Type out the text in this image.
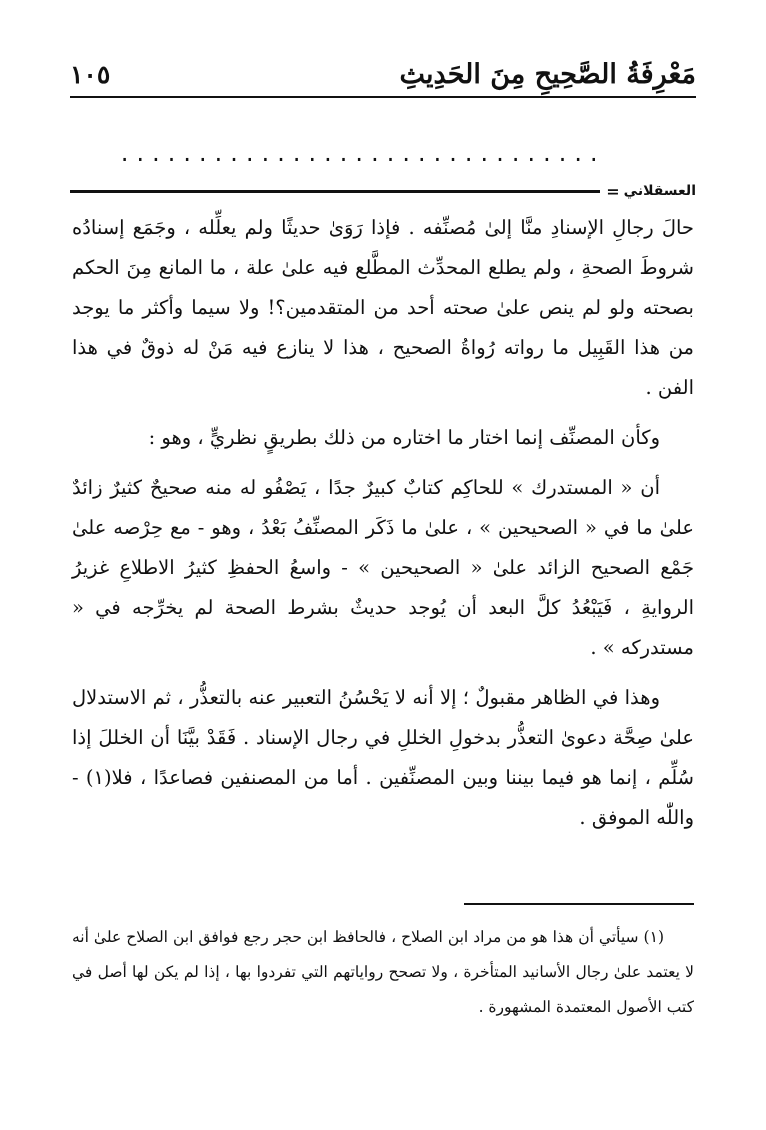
مَعْرِفَةُ الصَّحِيحِ مِنَ الحَدِيثِ
١٠٥
...............................
العسقلاني
=

حالَ رجالِ الإسنادِ منَّا إلىٰ مُصنِّفه . فإذا رَوَىٰ حديثًا ولم يعلِّله ، وجَمَع إسنادُه شروطَ الصحةِ ، ولم يطلع المحدِّث المطَّلع فيه علىٰ علة ، ما المانع مِنَ الحكم بصحته ولو لم ينص علىٰ صحته أحد من المتقدمين؟! ولا سيما وأكثر ما يوجد من هذا القَبِيل ما رواته رُواةُ الصحيح ، هذا لا ينازع فيه مَنْ له ذوقٌ في هذا الفن .

وكأن المصنِّف إنما اختار ما اختاره من ذلك بطريقٍ نظريٍّ ، وهو :

أن « المستدرك » للحاكِم كتابٌ كبيرٌ جدًا ، يَصْفُو له منه صحيحٌ كثيرٌ زائدٌ علىٰ ما في « الصحيحين » ، علىٰ ما ذَكَر المصنِّفُ بَعْدُ ، وهو - مع حِرْصه علىٰ جَمْع الصحيح الزائد علىٰ « الصحيحين » - واسعُ الحفظِ كثيرُ الاطلاعِ غزيرُ الروايةِ ، فَيَبْعُدُ كلَّ البعد أن يُوجد حديثٌ بشرط الصحة لم يخرِّجه في « مستدركه » .

وهذا في الظاهر مقبولٌ ؛ إلا أنه لا يَحْسُنُ التعبير عنه بالتعذُّر ، ثم الاستدلال علىٰ صِحَّة دعوىٰ التعذُّر بدخولِ الخللِ في رجال الإسناد . فَقَدْ بيَّنَا أن الخللَ إذا سُلِّم ، إنما هو فيما بيننا وبين المصنِّفين . أما من المصنفين فصاعدًا ، فلا(١) - واللّٰه الموفق .

(١) سيأتي أن هذا هو من مراد ابن الصلاح ، فالحافظ ابن حجر رجع فوافق ابن الصلاح علىٰ أنه لا يعتمد علىٰ رجال الأسانيد المتأخرة ، ولا تصحح رواياتهم التي تفردوا بها ، إذا لم يكن لها أصل في كتب الأصول المعتمدة المشهورة .
